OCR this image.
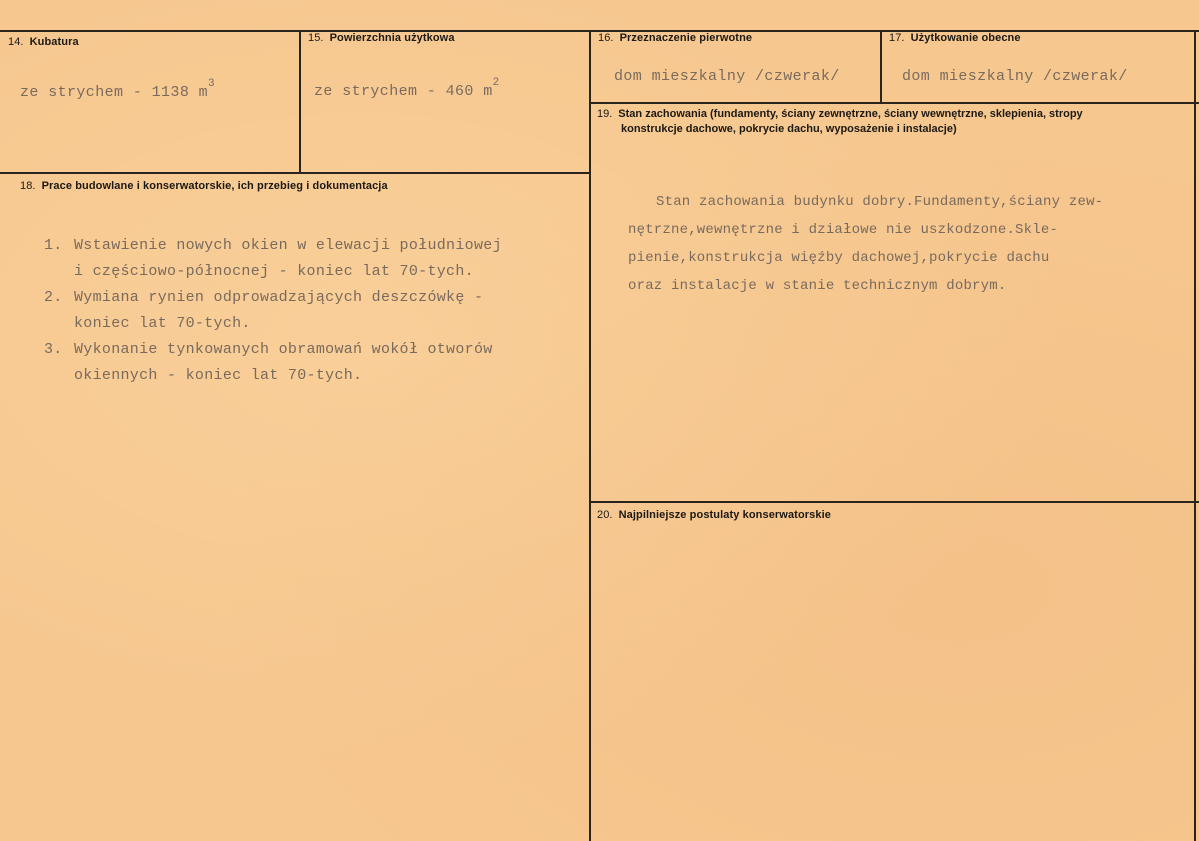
14. Kubatura
ze strychem - 1138 $m^3$
15. Powierzchnia użytkowa
ze strychem - 460 $m^2$
16. Przeznaczenie pierwotne
dom mieszkalny /czwerak/
17. Użytkowanie obecne
dom mieszkalny /czwerak/
18. Prace budowlane i konserwatorskie, ich przebieg i dokumentacja
1. Wstawienie nowych okien w elewacji południowej
i częściowo-północnej - koniec lat 70-tych.
2. Wymiana rynien odprowadzających deszczówkę -
koniec lat 70-tych.
3. Wykonanie tynkowanych obramowań wokół otworów
okiennych - koniec lat 70-tych.
19. Stan zachowania (fundamenty, ściany zewnętrzne, ściany wewnętrzne, sklepienia, stropy
konstrukcje dachowe, pokrycie dachu, wyposażenie i instalacje)
Stan zachowania budynku dobry.Fundamenty,ściany zew-
nętrzne,wewnętrzne i działowe nie uszkodzone.Skle-
pienie,konstrukcja więźby dachowej,pokrycie dachu
oraz instalacje w stanie technicznym dobrym.
20. Najpilniejsze postulaty konserwatorskie
